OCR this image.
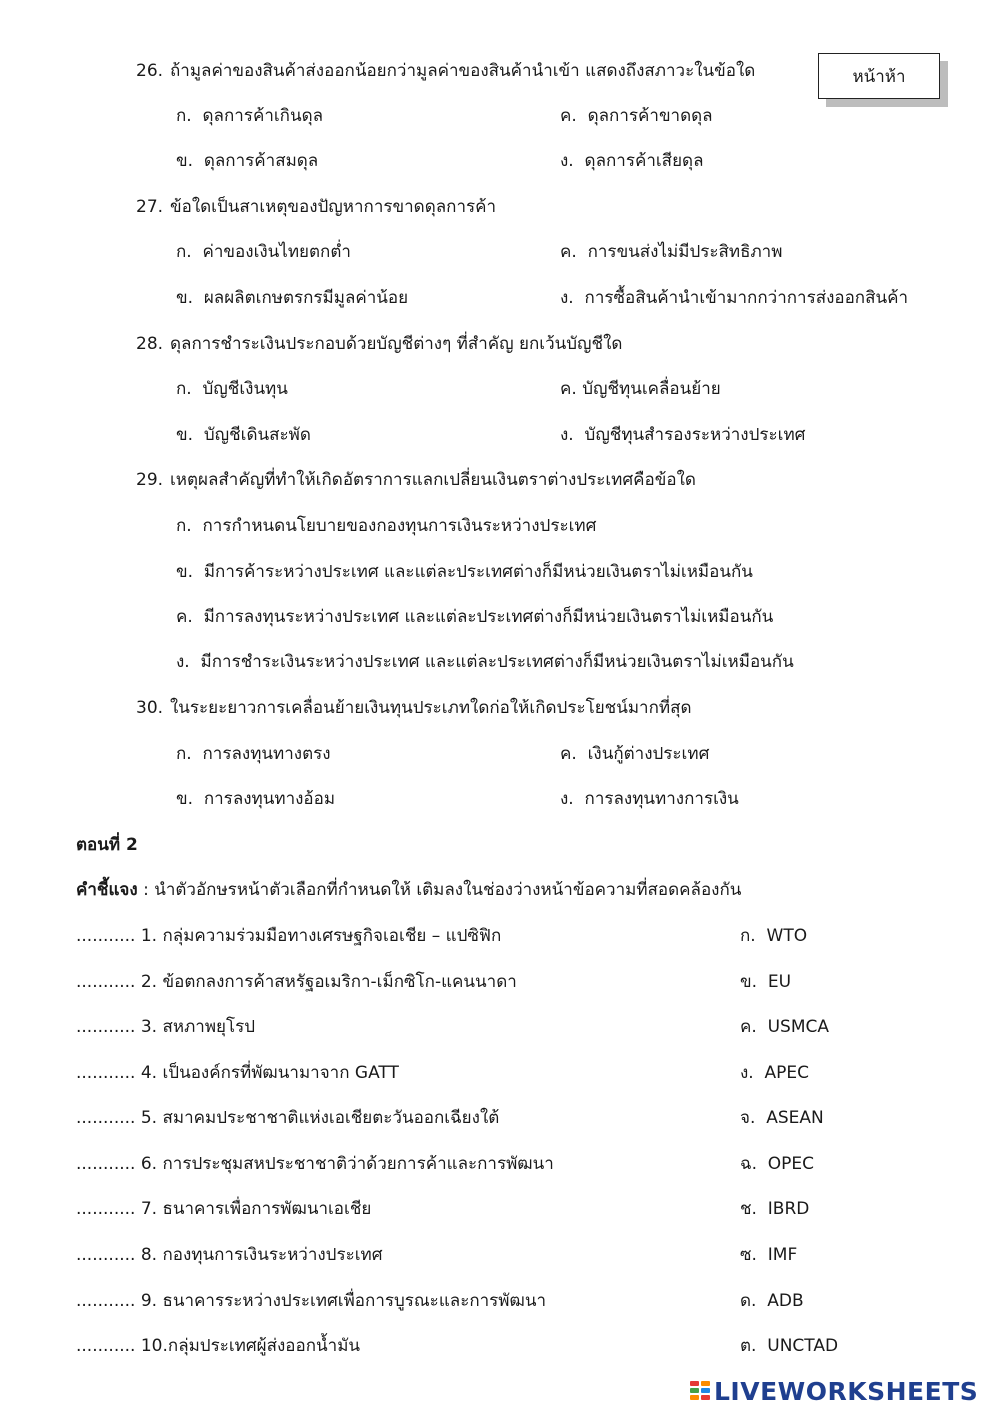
หน้าห้า
26. ถ้ามูลค่าของสินค้าส่งออกน้อยกว่ามูลค่าของสินค้านำเข้า แสดงถึงสภาวะในข้อใด
ก. ดุลการค้าเกินดุล	ค. ดุลการค้าขาดดุล
ข. ดุลการค้าสมดุล	ง. ดุลการค้าเสียดุล
27. ข้อใดเป็นสาเหตุของปัญหาการขาดดุลการค้า
ก. ค่าของเงินไทยตกต่ำ	ค. การขนส่งไม่มีประสิทธิภาพ
ข. ผลผลิตเกษตรกรมีมูลค่าน้อย	ง. การซื้อสินค้านำเข้ามากกว่าการส่งออกสินค้า
28. ดุลการชำระเงินประกอบด้วยบัญชีต่างๆ ที่สำคัญ ยกเว้นบัญชีใด
ก. บัญชีเงินทุน	ค. บัญชีทุนเคลื่อนย้าย
ข. บัญชีเดินสะพัด	ง. บัญชีทุนสำรองระหว่างประเทศ
29. เหตุผลสำคัญที่ทำให้เกิดอัตราการแลกเปลี่ยนเงินตราต่างประเทศคือข้อใด
ก. การกำหนดนโยบายของกองทุนการเงินระหว่างประเทศ
ข. มีการค้าระหว่างประเทศ และแต่ละประเทศต่างก็มีหน่วยเงินตราไม่เหมือนกัน
ค. มีการลงทุนระหว่างประเทศ และแต่ละประเทศต่างก็มีหน่วยเงินตราไม่เหมือนกัน
ง. มีการชำระเงินระหว่างประเทศ และแต่ละประเทศต่างก็มีหน่วยเงินตราไม่เหมือนกัน
30. ในระยะยาวการเคลื่อนย้ายเงินทุนประเภทใดก่อให้เกิดประโยชน์มากที่สุด
ก. การลงทุนทางตรง	ค. เงินกู้ต่างประเทศ
ข. การลงทุนทางอ้อม	ง. การลงทุนทางการเงิน
ตอนที่ 2
คำชี้แจง : นำตัวอักษรหน้าตัวเลือกที่กำหนดให้ เติมลงในช่องว่างหน้าข้อความที่สอดคล้องกัน
........... 1. กลุ่มความร่วมมือทางเศรษฐกิจเอเชีย – แปซิฟิก	ก. WTO
........... 2. ข้อตกลงการค้าสหรัฐอเมริกา-เม็กซิโก-แคนนาดา	ข. EU
........... 3. สหภาพยุโรป	ค. USMCA
........... 4. เป็นองค์กรที่พัฒนามาจาก GATT	ง. APEC
........... 5. สมาคมประชาชาติแห่งเอเชียตะวันออกเฉียงใต้	จ. ASEAN
........... 6. การประชุมสหประชาชาติว่าด้วยการค้าและการพัฒนา	ฉ. OPEC
........... 7. ธนาคารเพื่อการพัฒนาเอเชีย	ช. IBRD
........... 8. กองทุนการเงินระหว่างประเทศ	ซ. IMF
........... 9. ธนาคารระหว่างประเทศเพื่อการบูรณะและการพัฒนา	ด. ADB
........... 10.กลุ่มประเทศผู้ส่งออกน้ำมัน	ต. UNCTAD
LIVEWORKSHEETS
